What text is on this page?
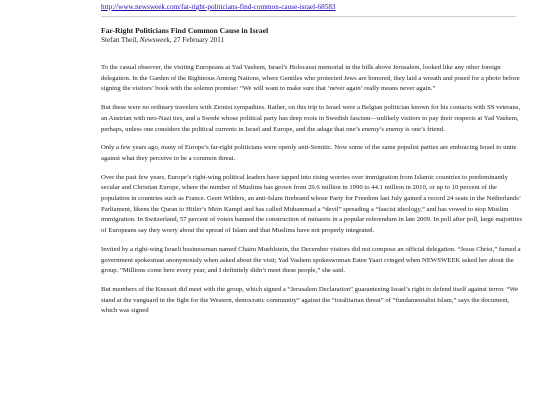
http://www.newsweek.com/far-right-politicians-find-common-cause-israel-68583
Far-Right Politicians Find Common Cause in Israel
Stefan Theil, Newsweek, 27 February 2011

To the casual observer, the visiting Europeans at Yad Vashem, Israel’s Holocaust memorial in the hills above Jerusalem, looked like any other foreign delegation. In the Garden of the Righteous Among Nations, where Gentiles who protected Jews are honored, they laid a wreath and posed for a photo before signing the visitors’ book with the solemn promise: “We will want to make sure that ‘never again’ really means never again.”

But these were no ordinary travelers with Zionist sympathies. Rather, on this trip to Israel were a Belgian politician known for his contacts with SS veterans, an Austrian with neo-Nazi ties, and a Swede whose political party has deep roots in Swedish fascism—unlikely visitors to pay their respects at Yad Vashem, perhaps, unless one considers the political currents in Israel and Europe, and the adage that one’s enemy’s enemy is one’s friend.

Only a few years ago, many of Europe’s far-right politicians were openly anti-Semitic. Now some of the same populist parties are embracing Israel to unite against what they perceive to be a common threat.

Over the past few years, Europe’s right-wing political leaders have tapped into rising worries over immigration from Islamic countries to predominantly secular and Christian Europe, where the number of Muslims has grown from 29.6 million in 1990 to 44.1 million in 2010, or up to 10 percent of the population in countries such as France. Geert Wilders, an anti-Islam firebrand whose Party for Freedom last July gained a record 24 seats in the Netherlands’ Parliament, likens the Quran to Hitler’s Mein Kampf and has called Muhammad a “devil” spreading a “fascist ideology,” and has vowed to stop Muslim immigration. In Switzerland, 57 percent of voters banned the construction of minarets in a popular referendum in late 2009. In poll after poll, large majorities of Europeans say they worry about the spread of Islam and that Muslims have not properly integrated.

Invited by a right-wing Israeli businessman named Chaim Muehlstein, the December visitors did not compose an official delegation. “Jesus Christ,” fumed a government spokesman anonymously when asked about the visit; Yad Vashem spokeswoman Estee Yaari cringed when NEWSWEEK asked her about the group. “Millions come here every year, and I definitely didn’t meet these people,” she said.

But members of the Knesset did meet with the group, which signed a “Jerusalem Declaration” guaranteeing Israel’s right to defend itself against terror. “We stand at the vanguard in the fight for the Western, democratic community” against the “totalitarian threat” of “fundamentalist Islam,” says the document, which was signed
